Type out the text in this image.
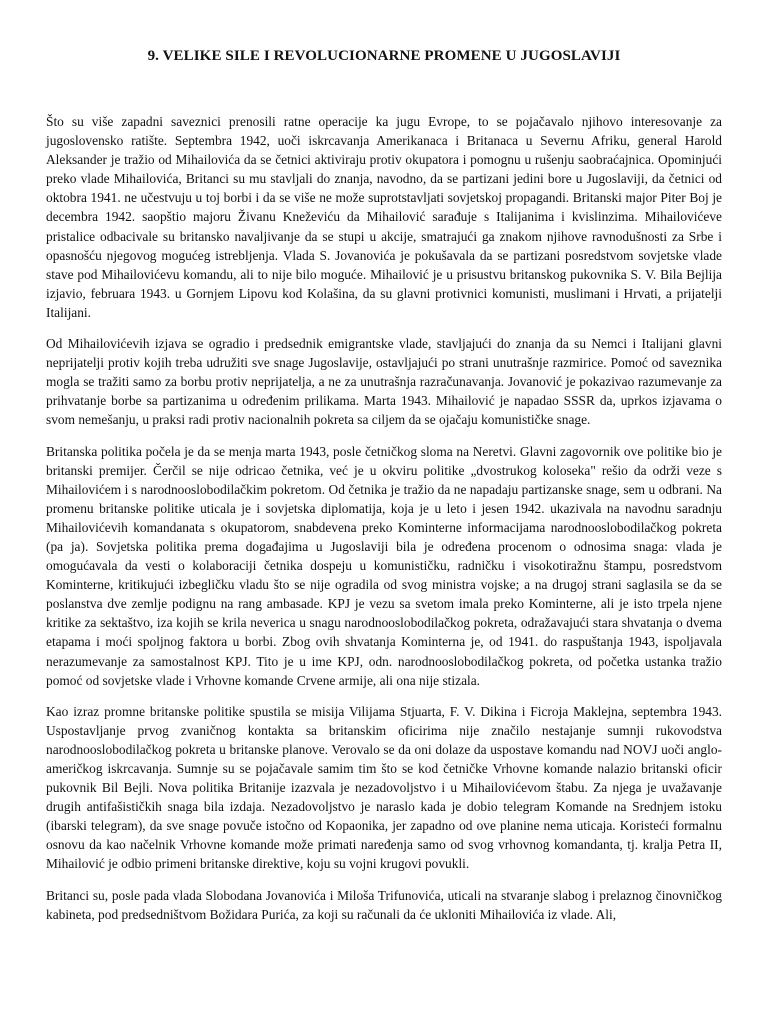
9. VELIKE SILE I REVOLUCIONARNE PROMENE U JUGOSLAVIJI

Što su više zapadni saveznici prenosili ratne operacije ka jugu Evrope, to se pojačavalo njihovo interesovanje za jugoslovensko ratište. Septembra 1942, uoči iskrcavanja Amerikanaca i Britanaca u Severnu Afriku, general Harold Aleksander je tražio od Mihailovića da se četnici aktiviraju protiv okupatora i pomognu u rušenju saobraćajnica. Opominjući preko vlade Mihailovića, Britanci su mu stavljali do znanja, navodno, da se partizani jedini bore u Jugoslaviji, da četnici od oktobra 1941. ne učestvuju u toj borbi i da se više ne može suprotstavljati sovjetskoj propagandi. Britanski major Piter Boj je decembra 1942. saopštio majoru Živanu Kneževiću da Mihailović sarađuje s Italijanima i kvislinzima. Mihailovićeve pristalice odbacivale su britansko navaljivanje da se stupi u akcije, smatrajući ga znakom njihove ravnodušnosti za Srbe i opasnošću njegovog mogućeg istrebljenja. Vlada S. Jovanovića je pokušavala da se partizani posredstvom sovjetske vlade stave pod Mihailovićevu komandu, ali to nije bilo moguće. Mihailović je u prisustvu britanskog pukovnika S. V. Bila Bejlija izjavio, februara 1943. u Gornjem Lipovu kod Kolašina, da su glavni protivnici komunisti, muslimani i Hrvati, a prijatelji Italijani.

Od Mihailovićevih izjava se ogradio i predsednik emigrantske vlade, stavljajući do znanja da su Nemci i Italijani glavni neprijatelji protiv kojih treba udružiti sve snage Jugoslavije, ostavljajući po strani unutrašnje razmirice. Pomoć od saveznika mogla se tražiti samo za borbu protiv neprijatelja, a ne za unutrašnja razračunavanja. Jovanović je pokazivao razumevanje za prihvatanje borbe sa partizanima u određenim prilikama. Marta 1943. Mihailović je napadao SSSR da, uprkos izjavama o svom nemešanju, u praksi radi protiv nacionalnih pokreta sa ciljem da se ojačaju komunističke snage.

Britanska politika počela je da se menja marta 1943, posle četničkog sloma na Neretvi. Glavni zagovornik ove politike bio je britanski premijer. Čerčil se nije odricao četnika, već je u okviru politike „dvostrukog koloseka" rešio da održi veze s Mihailovićem i s narodnooslobodilačkim pokretom. Od četnika je tražio da ne napadaju partizanske snage, sem u odbrani. Na promenu britanske politike uticala je i sovjetska diplomatija, koja je u leto i jesen 1942. ukazivala na navodnu saradnju Mihailovićevih komandanata s okupatorom, snabdevena preko Kominterne informacijama narodnooslobodilačkog pokreta (pa ja). Sovjetska politika prema događajima u Jugoslaviji bila je određena procenom o odnosima snaga: vlada je omogućavala da vesti o kolaboraciji četnika dospeju u komunističku, radničku i visokotiražnu štampu, posredstvom Kominterne, kritikujući izbegličku vladu što se nije ogradila od svog ministra vojske; a na drugoj strani saglasila se da se poslanstva dve zemlje podignu na rang ambasade. KPJ je vezu sa svetom imala preko Kominterne, ali je isto trpela njene kritike za sektaštvo, iza kojih se krila neverica u snagu narodnooslobodilačkog pokreta, odražavajući stara shvatanja o dvema etapama i moći spoljnog faktora u borbi. Zbog ovih shvatanja Kominterna je, od 1941. do raspuštanja 1943, ispoljavala nerazumevanje za samostalnost KPJ. Tito je u ime KPJ, odn. narodnooslobodilačkog pokreta, od početka ustanka tražio pomoć od sovjetske vlade i Vrhovne komande Crvene armije, ali ona nije stizala.

Kao izraz promne britanske politike spustila se misija Vilijama Stjuarta, F. V. Dikina i Ficroja Maklejna, septembra 1943. Uspostavljanje prvog zvaničnog kontakta sa britanskim oficirima nije značilo nestajanje sumnji rukovodstva narodnooslobodilačkog pokreta u britanske planove. Verovalo se da oni dolaze da uspostave komandu nad NOVJ uoči anglo-američkog iskrcavanja. Sumnje su se pojačavale samim tim što se kod četničke Vrhovne komande nalazio britanski oficir pukovnik Bil Bejli. Nova politika Britanije izazvala je nezadovoljstvo i u Mihailovićevom štabu. Za njega je uvažavanje drugih antifašističkih snaga bila izdaja. Nezadovoljstvo je naraslo kada je dobio telegram Komande na Srednjem istoku (ibarski telegram), da sve snage povuče istočno od Kopaonika, jer zapadno od ove planine nema uticaja. Koristeći formalnu osnovu da kao načelnik Vrhovne komande može primati naređenja samo od svog vrhovnog komandanta, tj. kralja Petra II, Mihailović je odbio primeni britanske direktive, koju su vojni krugovi povukli.

Britanci su, posle pada vlada Slobodana Jovanovića i Miloša Trifunovića, uticali na stvaranje slabog i prelaznog činovničkog kabineta, pod predsedništvom Božidara Purića, za koji su računali da će ukloniti Mihailovića iz vlade. Ali,
